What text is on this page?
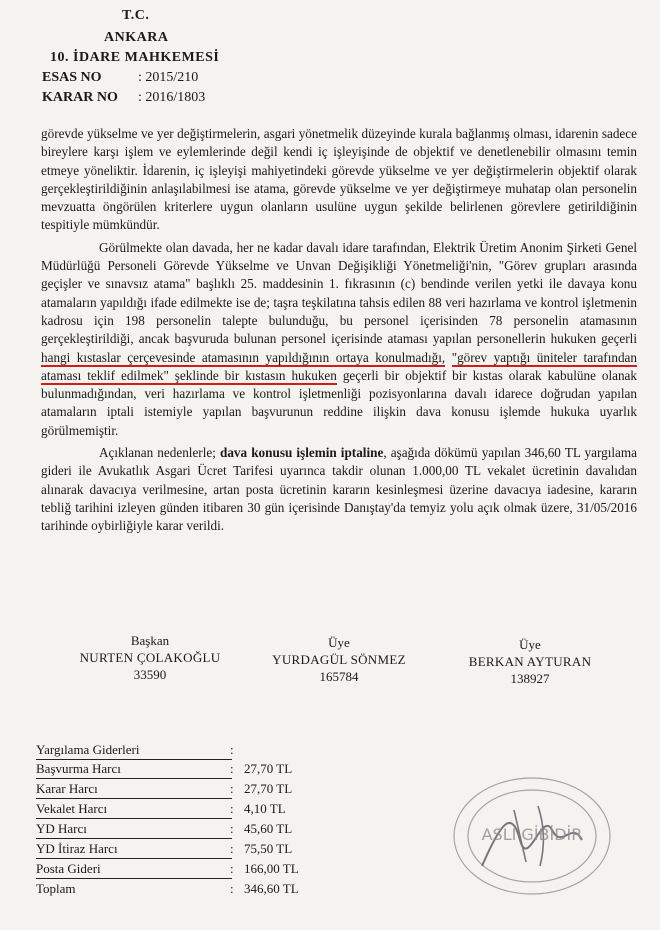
T.C.
ANKARA
10. İDARE MAHKEMESİ
ESAS NO	: 2015/210
KARAR NO : 2016/1803

görevde yükselme ve yer değiştirmelerin, asgari yönetmelik düzeyinde kurala bağlanmış olması, idarenin sadece bireylere karşı işlem ve eylemlerinde değil kendi iç işleyişinde de objektif ve denetlenebilir olmasını temin etmeye yöneliktir. İdarenin, iç işleyişi mahiyetindeki görevde yükselme ve yer değiştirmelerin objektif olarak gerçekleştirildiğinin anlaşılabilmesi ise atama, görevde yükselme ve yer değiştirmeye muhatap olan personelin mevzuatta öngörülen kriterlere uygun olanların usulüne uygun şekilde belirlenen görevlere getirildiğinin tespitiyle mümkündür.

Görülmekte olan davada, her ne kadar davalı idare tarafından, Elektrik Üretim Anonim Şirketi Genel Müdürlüğü Personeli Görevde Yükselme ve Unvan Değişikliği Yönetmeliği'nin, "Görev grupları arasında geçişler ve sınavsız atama" başlıklı 25. maddesinin 1. fıkrasının (c) bendinde verilen yetki ile davaya konu atamaların yapıldığı ifade edilmekte ise de; taşra teşkilatına tahsis edilen 88 veri hazırlama ve kontrol işletmenin kadrosu için 198 personelin talepte bulunduğu, bu personel içerisinden 78 personelin atamasının gerçekleştirildiği, ancak başvuruda bulunan personel içerisinde ataması yapılan personellerin hukuken geçerli hangi kıstaslar çerçevesinde atamasının yapıldığının ortaya konulmadığı, "görev yaptığı üniteler tarafından ataması teklif edilmek" şeklinde bir kıstasın hukuken geçerli bir objektif bir kıstas olarak kabulüne olanak bulunmadığından, veri hazırlama ve kontrol işletmenliği pozisyonlarına davalı idarece doğrudan yapılan atamaların iptali istemiyle yapılan başvurunun reddine ilişkin dava konusu işlemde hukuka uyarlık görülmemiştir.

Açıklanan nedenlerle; dava konusu işlemin iptaline, aşağıda dökümü yapılan 346,60 TL yargılama gideri ile Avukatlık Asgari Ücret Tarifesi uyarınca takdir olunan 1.000,00 TL vekalet ücretinin davalıdan alınarak davacıya verilmesine, artan posta ücretinin kararın kesinleşmesi üzerine davacıya iadesine, kararın tebliğ tarihini izleyen günden itibaren 30 gün içerisinde Danıştay'da temyiz yolu açık olmak üzere, 31/05/2016 tarihinde oybirliğiyle karar verildi.

Başkan
NURTEN ÇOLAKOĞLU
33590
Üye
YURDAGÜL SÖNMEZ
165784
Üye
BERKAN AYTURAN
138927
Yargılama Giderleri	:
Başvurma Harcı	: 27,70 TL
Karar Harcı	: 27,70 TL
Vekalet Harcı	: 4,10 TL
YD Harcı	: 45,60 TL
YD İtiraz Harcı	: 75,50 TL
Posta Gideri	: 166,00 TL
Toplam	: 346,60 TL
ASLI GİBİDİR
